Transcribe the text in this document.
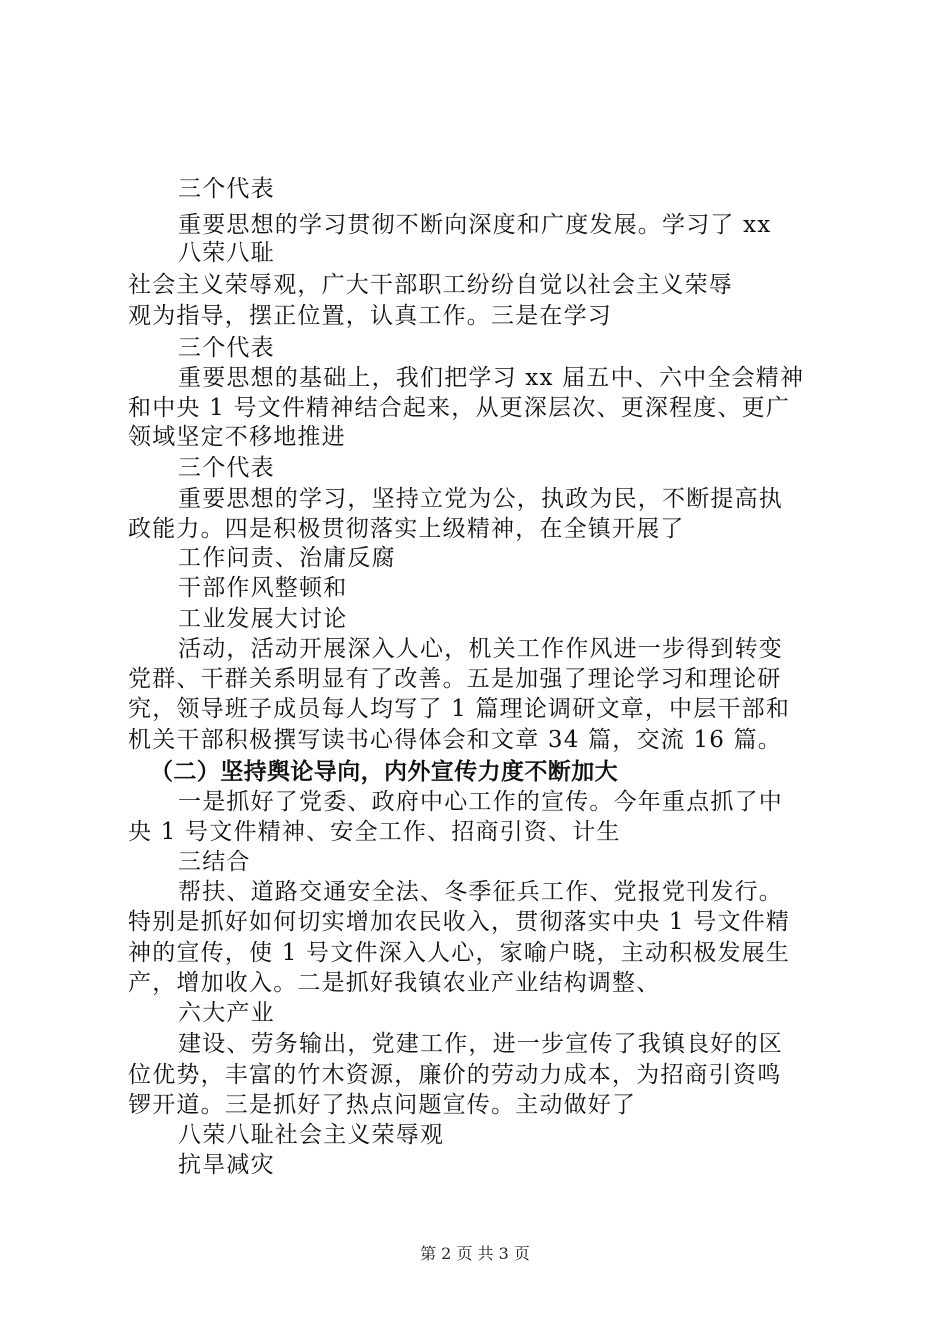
三个代表
重要思想的学习贯彻不断向深度和广度发展。学习了 xx
八荣八耻
社会主义荣辱观，广大干部职工纷纷自觉以社会主义荣辱
观为指导，摆正位置，认真工作。三是在学习
三个代表
重要思想的基础上，我们把学习 xx 届五中、六中全会精神
和中央 1 号文件精神结合起来，从更深层次、更深程度、更广
领域坚定不移地推进
三个代表
重要思想的学习，坚持立党为公，执政为民，不断提高执
政能力。四是积极贯彻落实上级精神，在全镇开展了
工作问责、治庸反腐
干部作风整顿和
工业发展大讨论
活动，活动开展深入人心，机关工作作风进一步得到转变
党群、干群关系明显有了改善。五是加强了理论学习和理论研
究，领导班子成员每人均写了 1 篇理论调研文章，中层干部和
机关干部积极撰写读书心得体会和文章 34 篇，交流 16 篇。
（二）坚持舆论导向，内外宣传力度不断加大
一是抓好了党委、政府中心工作的宣传。今年重点抓了中
央 1 号文件精神、安全工作、招商引资、计生
三结合
帮扶、道路交通安全法、冬季征兵工作、党报党刊发行。
特别是抓好如何切实增加农民收入，贯彻落实中央 1 号文件精
神的宣传，使 1 号文件深入人心，家喻户晓，主动积极发展生
产，增加收入。二是抓好我镇农业产业结构调整、
六大产业
建设、劳务输出，党建工作，进一步宣传了我镇良好的区
位优势，丰富的竹木资源，廉价的劳动力成本，为招商引资鸣
锣开道。三是抓好了热点问题宣传。主动做好了
八荣八耻社会主义荣辱观
抗旱减灾
第 2 页 共 3 页
